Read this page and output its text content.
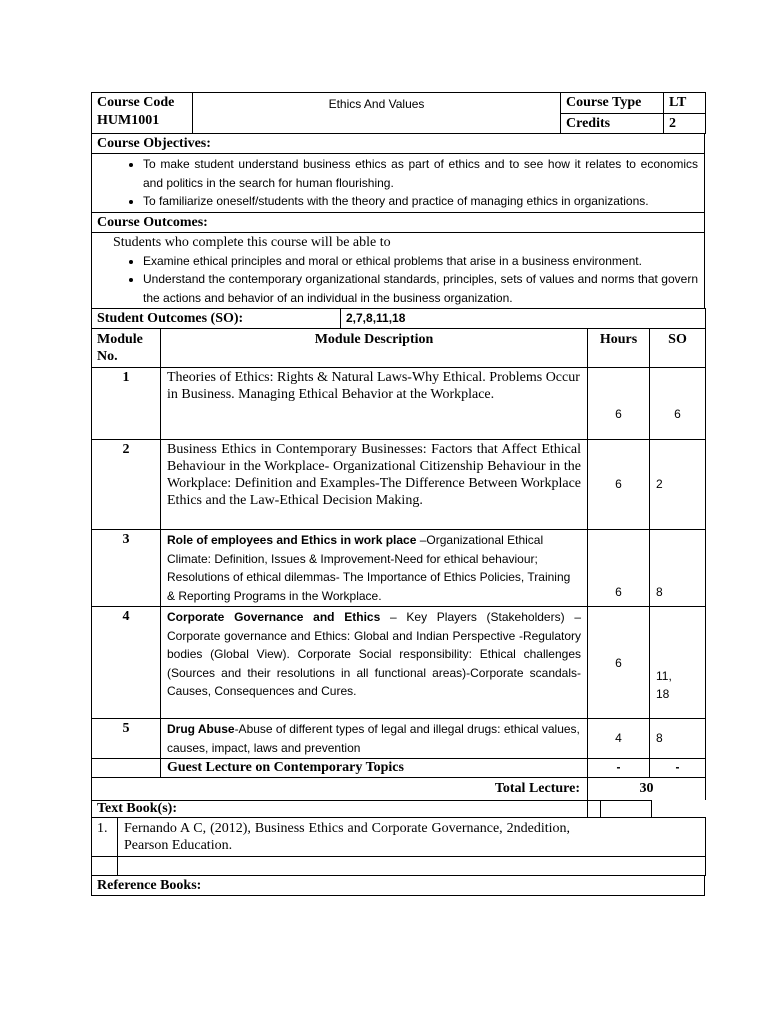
Course Code
HUM1001	Ethics And Values	Course Type	LT
		Credits	2
Course Objectives:

• To make student understand business ethics as part of ethics and to see how it relates to economics and politics in the search for human flourishing.
• To familiarize oneself/students with the theory and practice of managing ethics in organizations.

Course Outcomes:

Students who complete this course will be able to
• Examine ethical principles and moral or ethical problems that arise in a business environment.
• Understand the contemporary organizational standards, principles, sets of values and norms that govern the actions and behavior of an individual in the business organization.
Student Outcomes (SO):	2,7,8,11,18
Module No.	Module Description	Hours	SO
1	Theories of Ethics: Rights & Natural Laws-Why Ethical. Problems Occur in Business. Managing Ethical Behavior at the Workplace.	6	6
2	Business Ethics in Contemporary Businesses: Factors that Affect Ethical Behaviour in the Workplace- Organizational Citizenship Behaviour in the Workplace: Definition and Examples-The Difference Between Workplace Ethics and the Law-Ethical Decision Making.	6	2
3	Role of employees and Ethics in work place –Organizational Ethical Climate: Definition, Issues & Improvement-Need for ethical behaviour; Resolutions of ethical dilemmas- The Importance of Ethics Policies, Training & Reporting Programs in the Workplace.	6	8
4	Corporate Governance and Ethics – Key Players (Stakeholders) –Corporate governance and Ethics: Global and Indian Perspective -Regulatory bodies (Global View). Corporate Social responsibility: Ethical challenges (Sources and their resolutions in all functional areas)-Corporate scandals- Causes, Consequences and Cures.	6	11, 18
5	Drug Abuse-Abuse of different types of legal and illegal drugs: ethical values, causes, impact, laws and prevention	4	8
	Guest Lecture on Contemporary Topics	-	-
Total Lecture:	30
Text Book(s):			
1.	Fernando A C, (2012), Business Ethics and Corporate Governance, 2ndedition, Pearson Education.

Reference Books:
